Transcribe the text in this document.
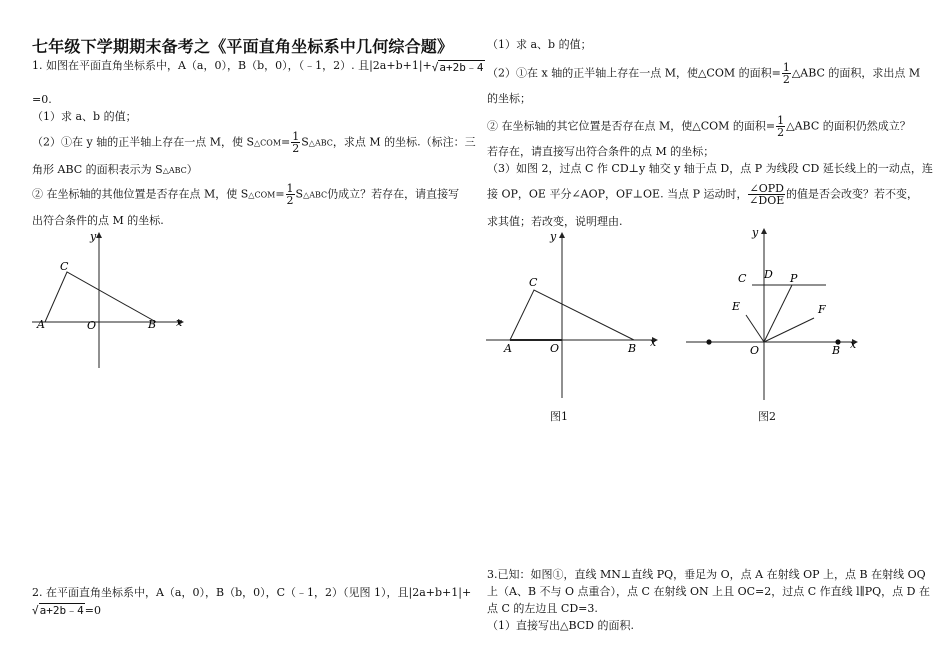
七年级下学期期末备考之《平面直角坐标系中几何综合题》
1. 如图在平面直角坐标系中，A（a，0），B（b，0），（﹣1，2）. 且|2a+b+1|+√a+2b﹣4
=0.
（1）求 a、b 的值；
（2）①在 y 轴的正半轴上存在一点 M，使 S△COM= $\frac{1}{2}$ S△ABC，求点 M 的坐标.（标注：三
角形 ABC 的面积表示为 S△ABC）
② 在坐标轴的其他位置是否存在点 M，使 S△COM= $\frac{1}{2}$ S△ABC仍成立？若存在，请直接写
出符合条件的点 M 的坐标.
y
x
A	B
C
O
2. 在平面直角坐标系中，A（a，0），B（b，0），C（﹣1，2）（见图 1），且|2a+b+1|+
√a+2b﹣4=0
（1）求 a、b 的值；
（2）①在 x 轴的正半轴上存在一点 M，使△COM 的面积= $\frac{1}{2}$ △ABC 的面积，求出点 M
的坐标；
② 在坐标轴的其它位置是否存在点 M，使△COM 的面积= $\frac{1}{2}$ △ABC 的面积仍然成立？
若存在，请直接写出符合条件的点 M 的坐标；
（3）如图 2，过点 C 作 CD⊥y 轴交 y 轴于点 D，点 P 为线段 CD 延长线上的一动点，连
接 OP，OE 平分∠AOP，OF⊥OE. 当点 P 运动时， $\frac{\text{∠OPD}}{\text{∠DOE}}$ 的值是否会改变？若不变，
求其值；若改变，说明理由.
y
x
A	B
C
O
图1
y
x
C D P
E	F
O	B
图2
3.已知：如图①，直线 MN⊥直线 PQ，垂足为 O，点 A 在射线 OP 上，点 B 在射线 OQ
上（A、B 不与 O 点重合），点 C 在射线 ON 上且 OC=2，过点 C 作直线 l∥PQ，点 D 在
点 C 的左边且 CD=3.
（1）直接写出△BCD 的面积.
